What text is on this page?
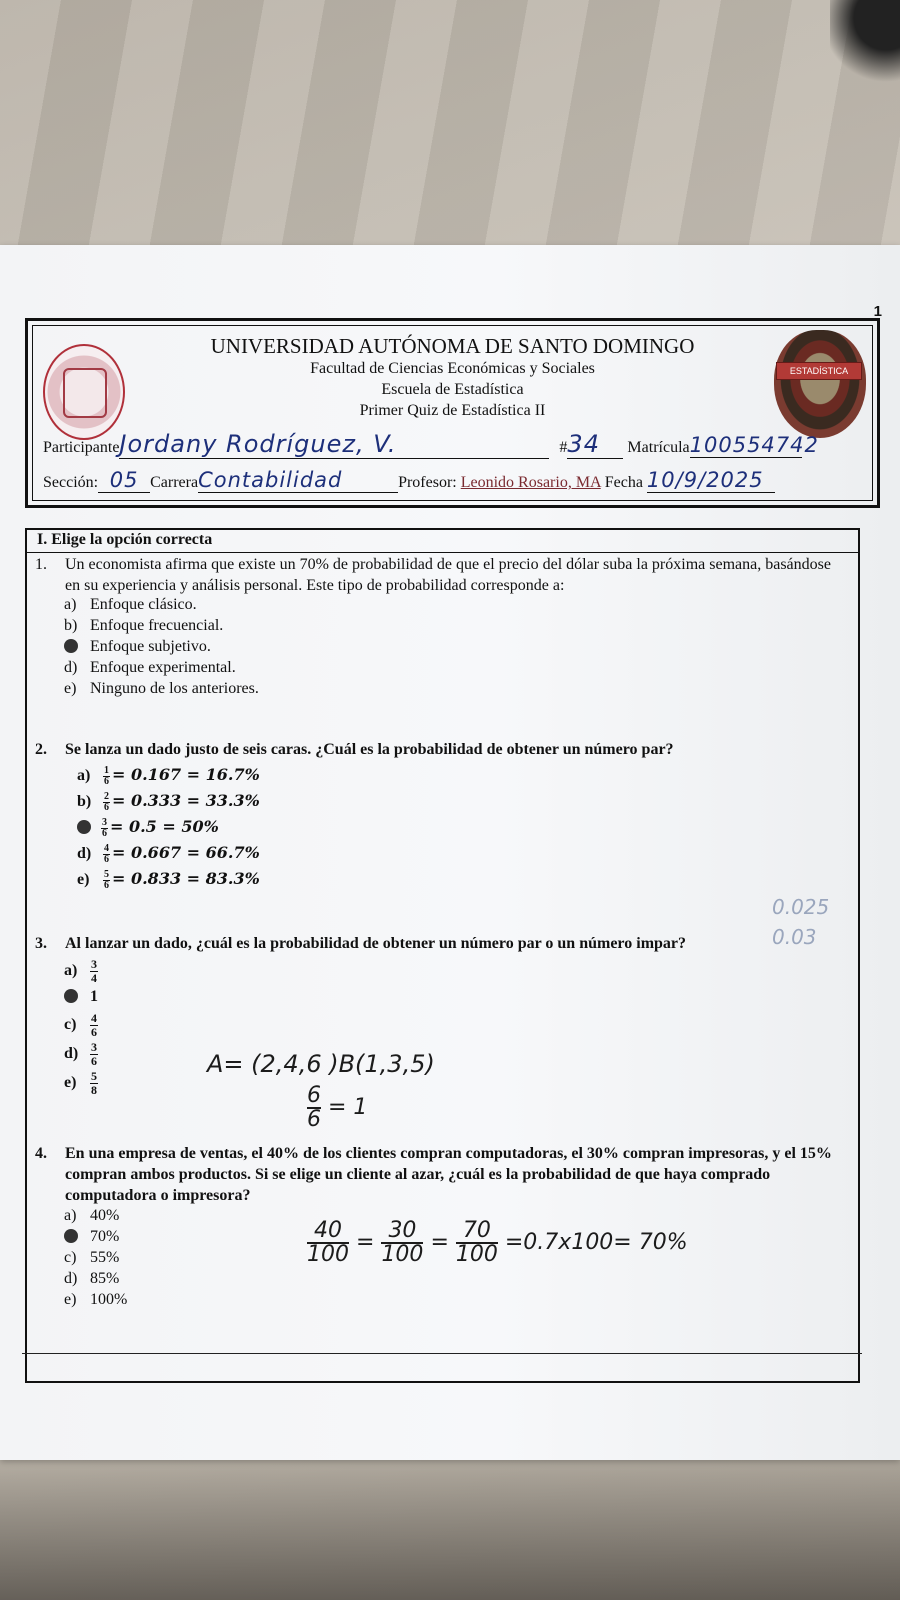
1
ESTADÍSTICA
UNIVERSIDAD AUTÓNOMA DE SANTO DOMINGO
Facultad de Ciencias Económicas y Sociales
Escuela de Estadística
Primer Quiz de Estadística II
ParticipanteJordany Rodríguez, V.	#34 Matrícula100554742
Sección: 05 CarreraContabilidad	Profesor: Leonido Rosario, MA Fecha 10/9/2025
I. Elige la opción correcta
1. Un economista afirma que existe un 70% de probabilidad de que el precio del dólar suba la próxima semana, basándose en su experiencia y análisis personal. Este tipo de probabilidad corresponde a:
a) Enfoque clásico.
b) Enfoque frecuencial.
Enfoque subjetivo.
d) Enfoque experimental.
e) Ninguno de los anteriores.
2. Se lanza un dado justo de seis caras. ¿Cuál es la probabilidad de obtener un número par?
$a) \frac{1}{6} = 0.167 = 16.7\%$
$b) \frac{2}{6} = 0.333 = 33.3\%$
$\frac{3}{6} = 0.5 = 50\%$
$d) \frac{4}{6} = 0.667 = 66.7\%$
$e) \frac{5}{6} = 0.833 = 83.3\%$
3. Al lanzar un dado, ¿cuál es la probabilidad de obtener un número par o un número impar?
$a) \frac{3}{4}$
1
$c) \frac{4}{6}$
$d) \frac{3}{6}$
$e) \frac{5}{8}$
4. En una empresa de ventas, el 40% de los clientes compran computadoras, el 30% compran impresoras, y el 15% compran ambos productos. Si se elige un cliente al azar, ¿cuál es la probabilidad de que haya comprado computadora o impresora?
a) 40%
70%
c) 55%
d) 85%
e) 100%
0.025
0.03
A= (2,4,6 )B(1,3,5)
$\frac{6}{6} = 1$
$\frac{40}{100} = \frac{30}{100} = \frac{70}{100} =0.7x100= 70\%$
